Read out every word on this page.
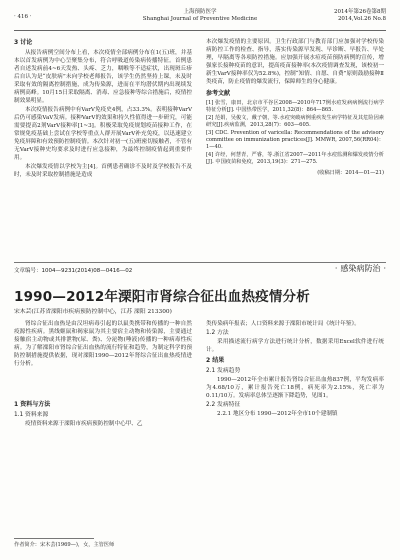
· 416 ·
上海预防医学
Shanghai Journal of Preventive Medicine
2014年第26卷第8期
2014,Vol.26 No.8
3 讨论

从报告病例空间分布上看，本次疫情全部病例分布在1(五)班，并基本以首发病例为中心呈聚集分布，符合呼吸道传染病传播特征。首例患者自述发病前4~6天发热、头疼、乏力，咽喉等不适症状，出现斑丘疹后自认为是“皮肤病”未向学校老师报告，该学生仍然坚持上课，未及时采取有效的隔离控制措施，成为传染源，进而在平均潜伏期内出现续发病例高峰。10月15日采取隔离、消毒、应急接种等综合措施后，疫情控制效果明显。

本次疫情报告病例中有VarV免疫史4例，占33.3%。表明接种VarV后仍可感染VaV发病。接种VarV的效果和持久性值得进一步研究，可能需要提高2剂VarV接种率[1~3]。积极采取免疫规划疫苗接种工作，在常规免疫基础上尝试在学校等重点人群开展VarV补充免疫，以迅速建立免疫屏障和有效预防控制疫情。本次针对初一(五)班密切接触者，不管有无VarV接种史均要求及时进行应急接种，为最终控制疫情起到重要作用。

本次爆发疫情以学校为主[4]。首例患者确诊不及时及学校报告不及时，未及时采取控制措施是造成

本次爆发疫情的主要原因。卫生行政部门与教育部门应加强对学校传染病防控工作的检查、指导，落实传染源早发现、早诊断、早报告、早处理，早隔离等各项防控措施。应加强开展水痘疫苗预防病例的宣传，增强家长接种疫苗的意识，提高疫苗接种率(本次疫情调查发现，该校初一新生VarV接种率仅为52.8%)，控制“知情、自愿、自费”原则鼓励接种Ⅱ类疫苗，防止疫情的爆发流行，保障师生的身心健康。

参考文献
[1] 张雪，康田，北京市平谷区2008—2010年717例水痘发病病例流行病学特征分析[J]. 中国热带医学，2011,32(8)：864—865.
[2] 范娟，吴俊文，戴子朝，等.水痘突破病例重疾发生病学特征及其危险因素研究[J].疾病监测，2013,28(7)：603—605.
[3] CDC. Prevention of varicella: Recommendations of the advisory committee on immunization practices[J]. MMWR, 2007,56(RR04)：1—40.
[4] 许经，何慧青，严睿，等.浙江省2007—2011年水痘监测和爆发疫情分析[J]. 中国疫苗和免疫，2013,19(3)：271—275.
(收稿日期：2014—01—21)
文章编号：1004—9231(2014)08—0416—02	· 感染病防治 ·
1990—2012年溧阳市肾综合征出血热疫情分析
宋木芸(江苏省溧阳市疾病预防控制中心，江苏 溧阳 213300)

肾综合征出血热是由汉坦病毒引起的以鼠类携带和传播的一种自然疫源性疾病。黑线姬鼠和褐家鼠为其主要宿主动物和传染源，主要通过接触宿主动物或其排泄物(尿、粪)、分泌物(唾液)传播的一种病毒性疾病。为了解溧阳市肾综合征出血热的流行特征和趋势，为制定科学的预防控制措施提供依据，现对溧阳1990—2012年肾综合征出血热疫情进行分析。

1 资料与方法
1.1 资料来源

疫情资料来源于溧阳市疾病预防控制中心甲、乙

类传染病年报表；人口资料来源于溧阳市统计局《统计年鉴》。

1.2 方法

采用描述流行病学方法进行统计分析，数据采用Excel软件进行统计。

2 结果
2.1 发病趋势

1990—2012年全市累计报告肾综合征出血热837例，平均发病率为4.68/10万，累计报告死亡18例，病死率为2.15%，死亡率为0.11/10万。发病率总体呈逐渐下降趋势，见图1。

2.2 发病特征

2.2.1 地区分布 1990—2012年全市10个建制镇

作者简介：宋木芸(1969—)，女，主管医师
